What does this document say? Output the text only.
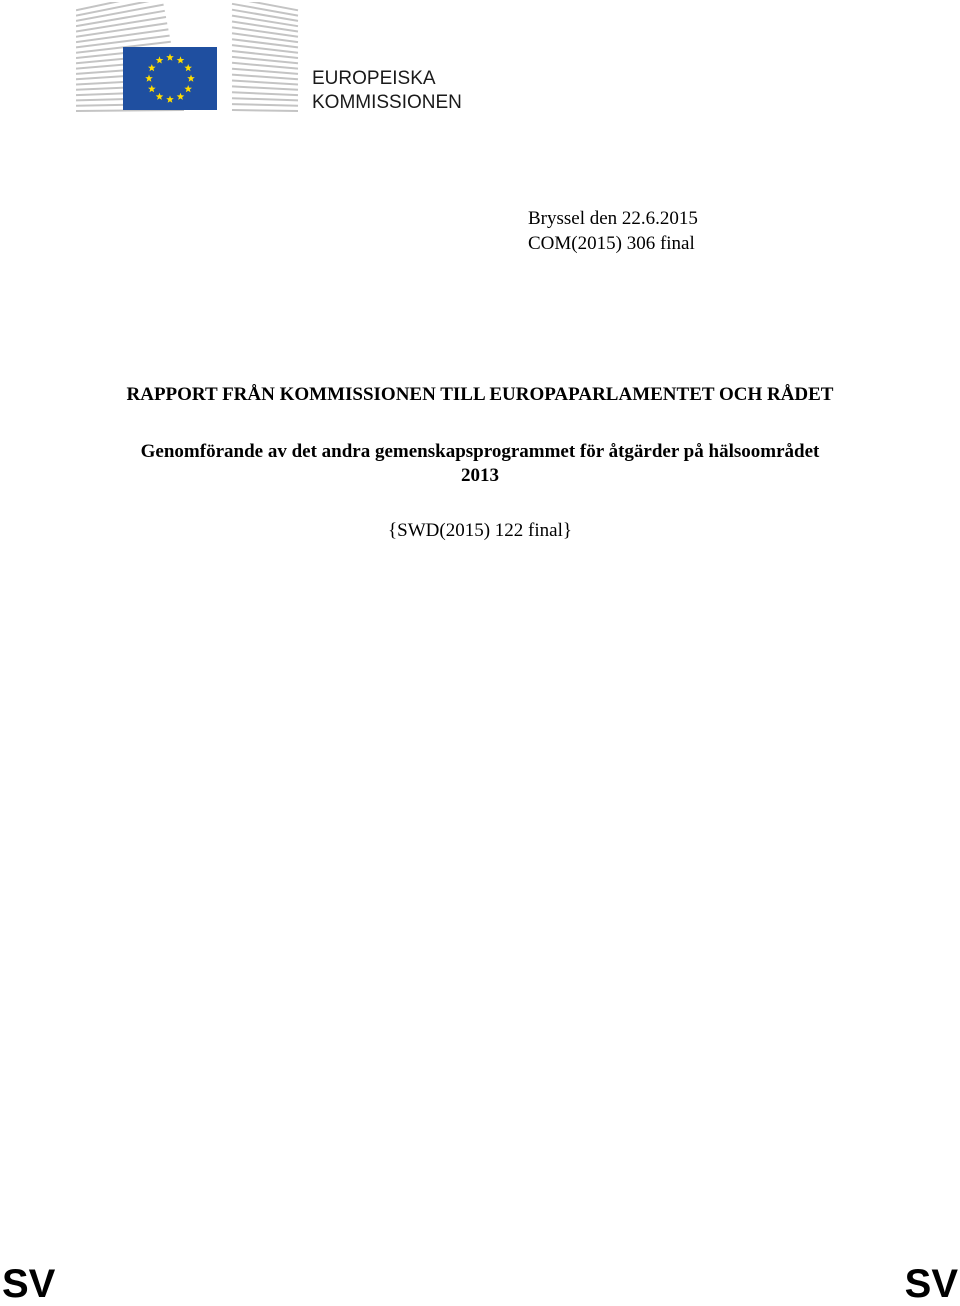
EUROPEISKA
KOMMISSIONEN
Bryssel den 22.6.2015
COM(2015) 306 final
RAPPORT FRÅN KOMMISSIONEN TILL EUROPAPARLAMENTET OCH RÅDET
Genomförande av det andra gemenskapsprogrammet för åtgärder på hälsoområdet
2013
{SWD(2015) 122 final}
SV	SV
